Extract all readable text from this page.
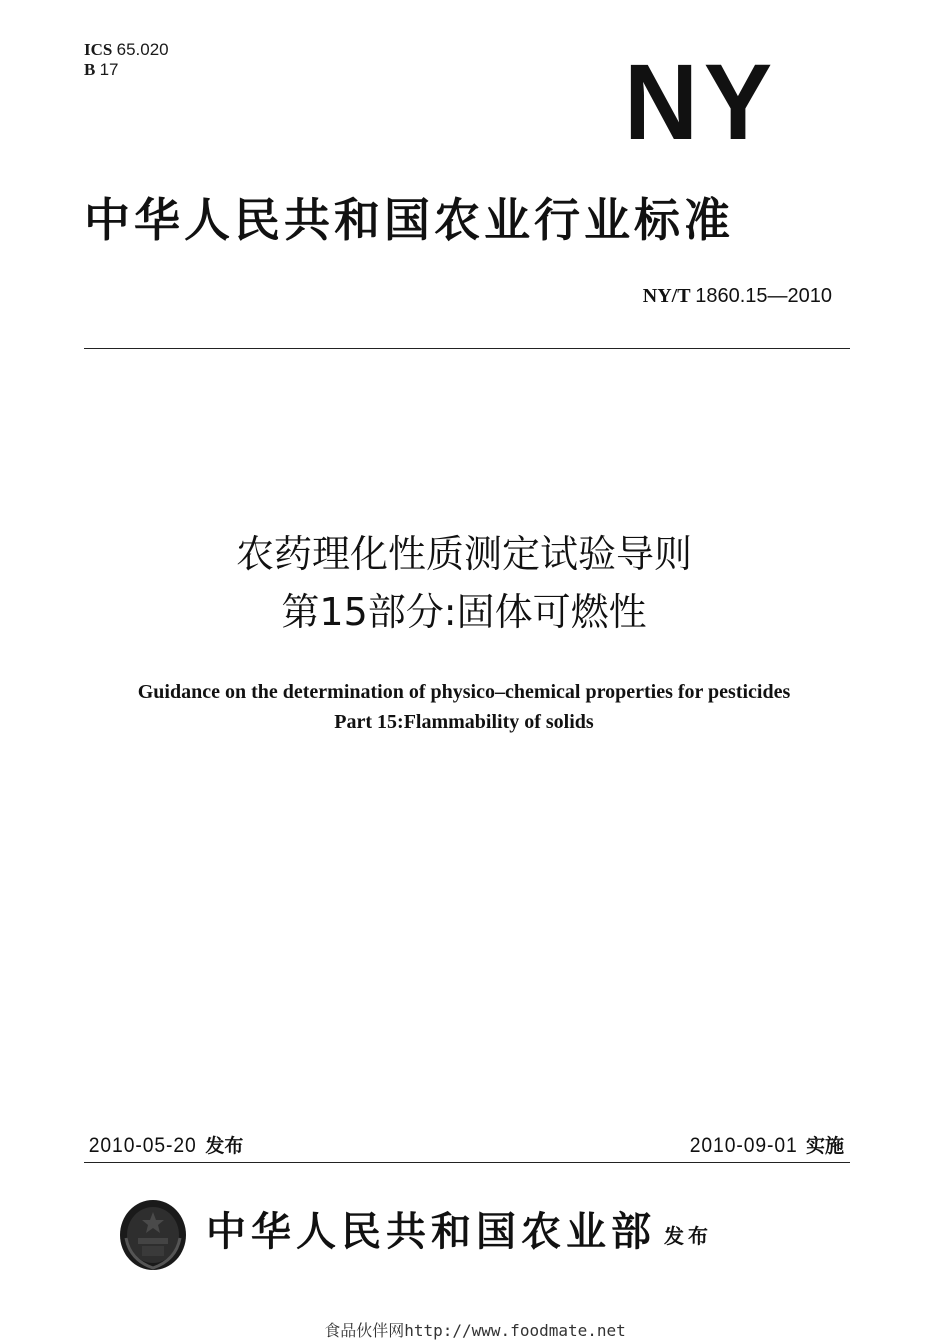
ICS 65.020
B 17	NY
中华人民共和国农业行业标准
NY/T 1860.15—2010
农药理化性质测定试验导则
第15部分:固体可燃性
Guidance on the determination of physico–chemical properties for pesticides
Part 15:Flammability of solids
2010-05-20 发布	2010-09-01 实施
中华人民共和国农业部 发布
食品伙伴网http://www.foodmate.net
